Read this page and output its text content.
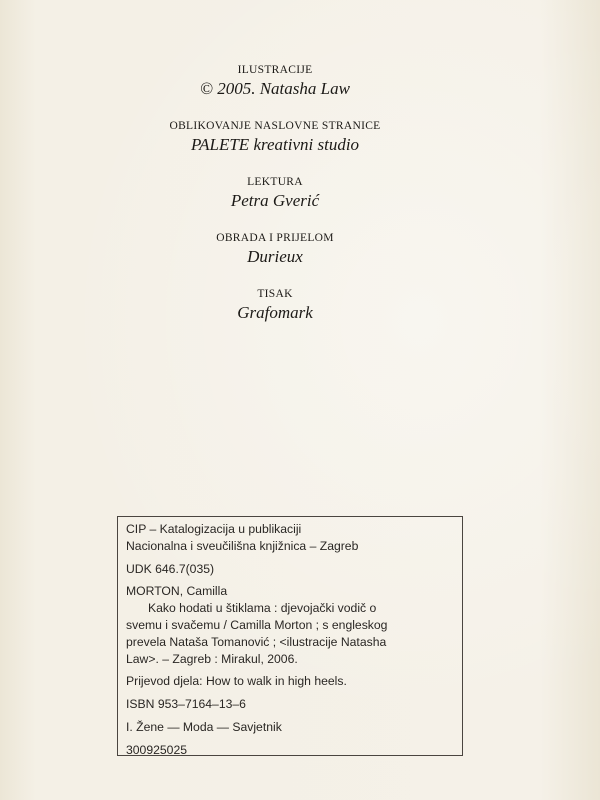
ILUSTRACIJE
© 2005. Natasha Law
OBLIKOVANJE NASLOVNE STRANICE
PALETE kreativni studio
LEKTURA
Petra Gverić
OBRADA I PRIJELOM
Durieux
TISAK
Grafomark
CIP – Katalogizacija u publikaciji
Nacionalna i sveučilišna knjižnica – Zagreb
UDK 646.7(035)
MORTON, Camilla
Kako hodati u štiklama : djevojački vodič o
svemu i svačemu / Camilla Morton ; s engleskog
prevela Nataša Tomanović ; <ilustracije Natasha
Law>. – Zagreb : Mirakul, 2006.
Prijevod djela: How to walk in high heels.
ISBN 953–7164–13–6
I. Žene — Moda — Savjetnik
300925025
